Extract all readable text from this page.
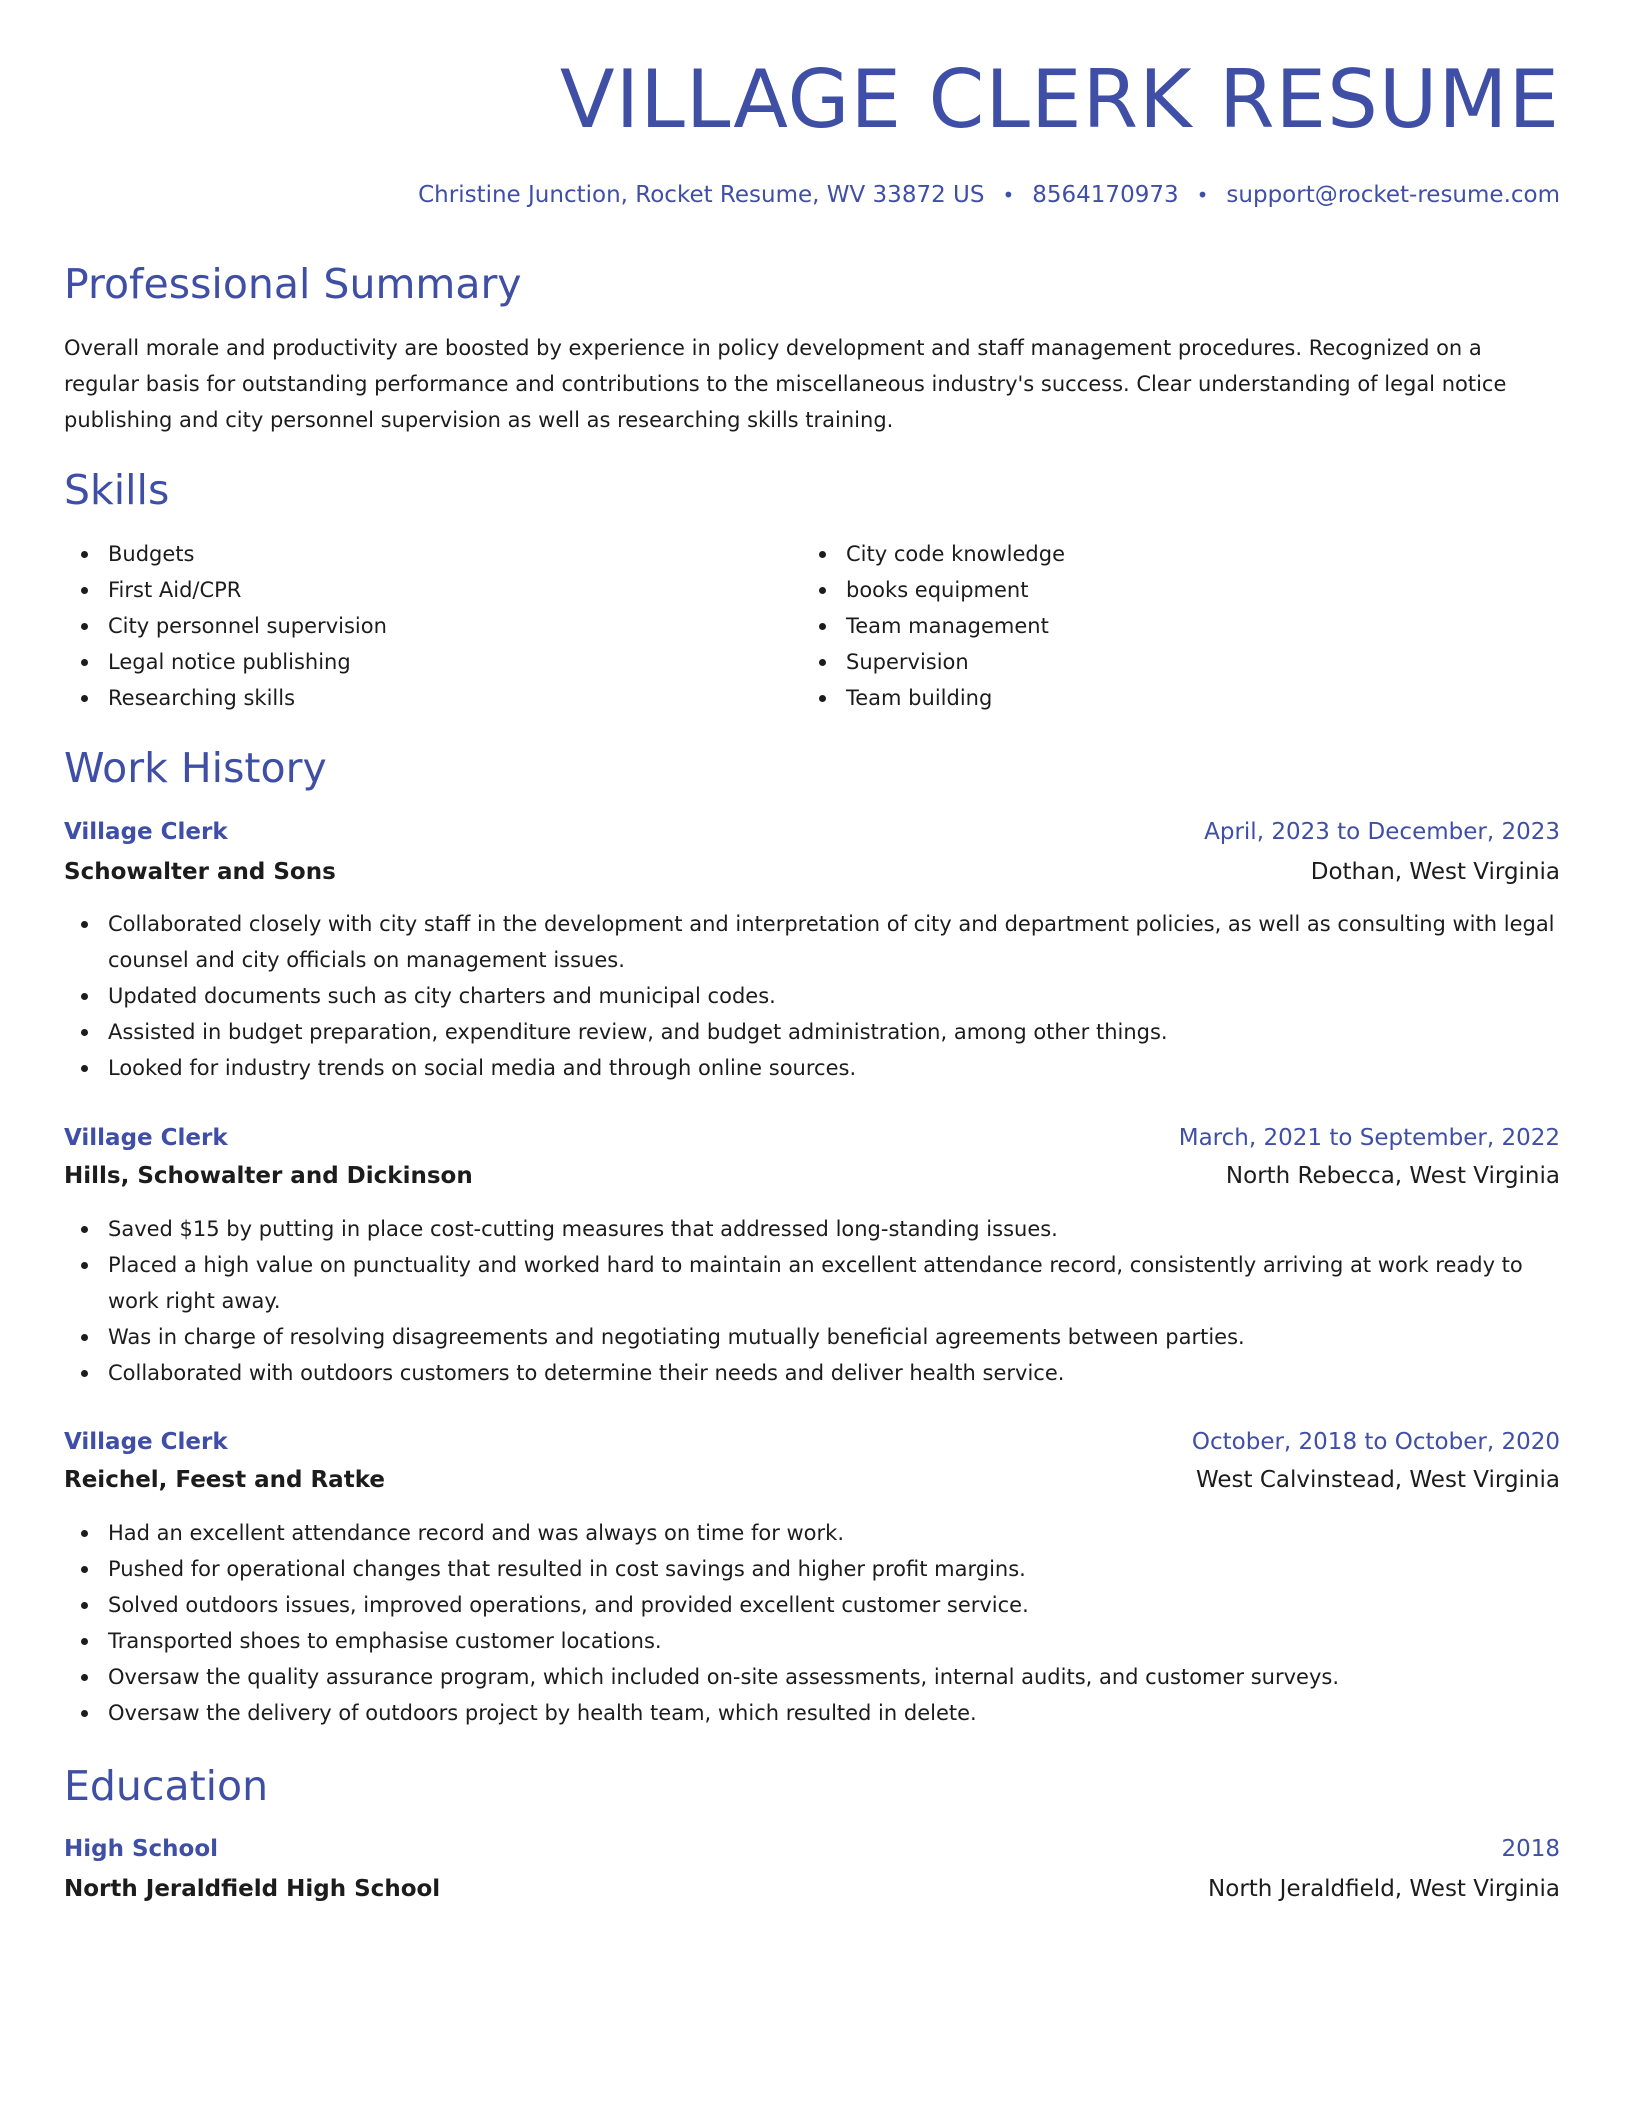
VILLAGE CLERK RESUME
Christine Junction, Rocket Resume, WV 33872 US • 8564170973 • support@rocket-resume.com
Professional Summary

Overall morale and productivity are boosted by experience in policy development and staff management procedures. Recognized on a regular basis for outstanding performance and contributions to the miscellaneous industry's success. Clear understanding of legal notice publishing and city personnel supervision as well as researching skills training.

Skills
Budgets
First Aid/CPR
City personnel supervision
Legal notice publishing
Researching skills
City code knowledge
books equipment
Team management
Supervision
Team building
Work History
Village Clerk	April, 2023 to December, 2023
Schowalter and Sons	Dothan, West Virginia
Collaborated closely with city staff in the development and interpretation of city and department policies, as well as consulting with legal counsel and city officials on management issues.
Updated documents such as city charters and municipal codes.
Assisted in budget preparation, expenditure review, and budget administration, among other things.
Looked for industry trends on social media and through online sources.
Village Clerk	March, 2021 to September, 2022
Hills, Schowalter and Dickinson	North Rebecca, West Virginia
Saved $15 by putting in place cost-cutting measures that addressed long-standing issues.
Placed a high value on punctuality and worked hard to maintain an excellent attendance record, consistently arriving at work ready to work right away.
Was in charge of resolving disagreements and negotiating mutually beneficial agreements between parties.
Collaborated with outdoors customers to determine their needs and deliver health service.
Village Clerk	October, 2018 to October, 2020
Reichel, Feest and Ratke	West Calvinstead, West Virginia
Had an excellent attendance record and was always on time for work.
Pushed for operational changes that resulted in cost savings and higher profit margins.
Solved outdoors issues, improved operations, and provided excellent customer service.
Transported shoes to emphasise customer locations.
Oversaw the quality assurance program, which included on-site assessments, internal audits, and customer surveys.
Oversaw the delivery of outdoors project by health team, which resulted in delete.
Education
High School	2018
North Jeraldfield High School	North Jeraldfield, West Virginia
